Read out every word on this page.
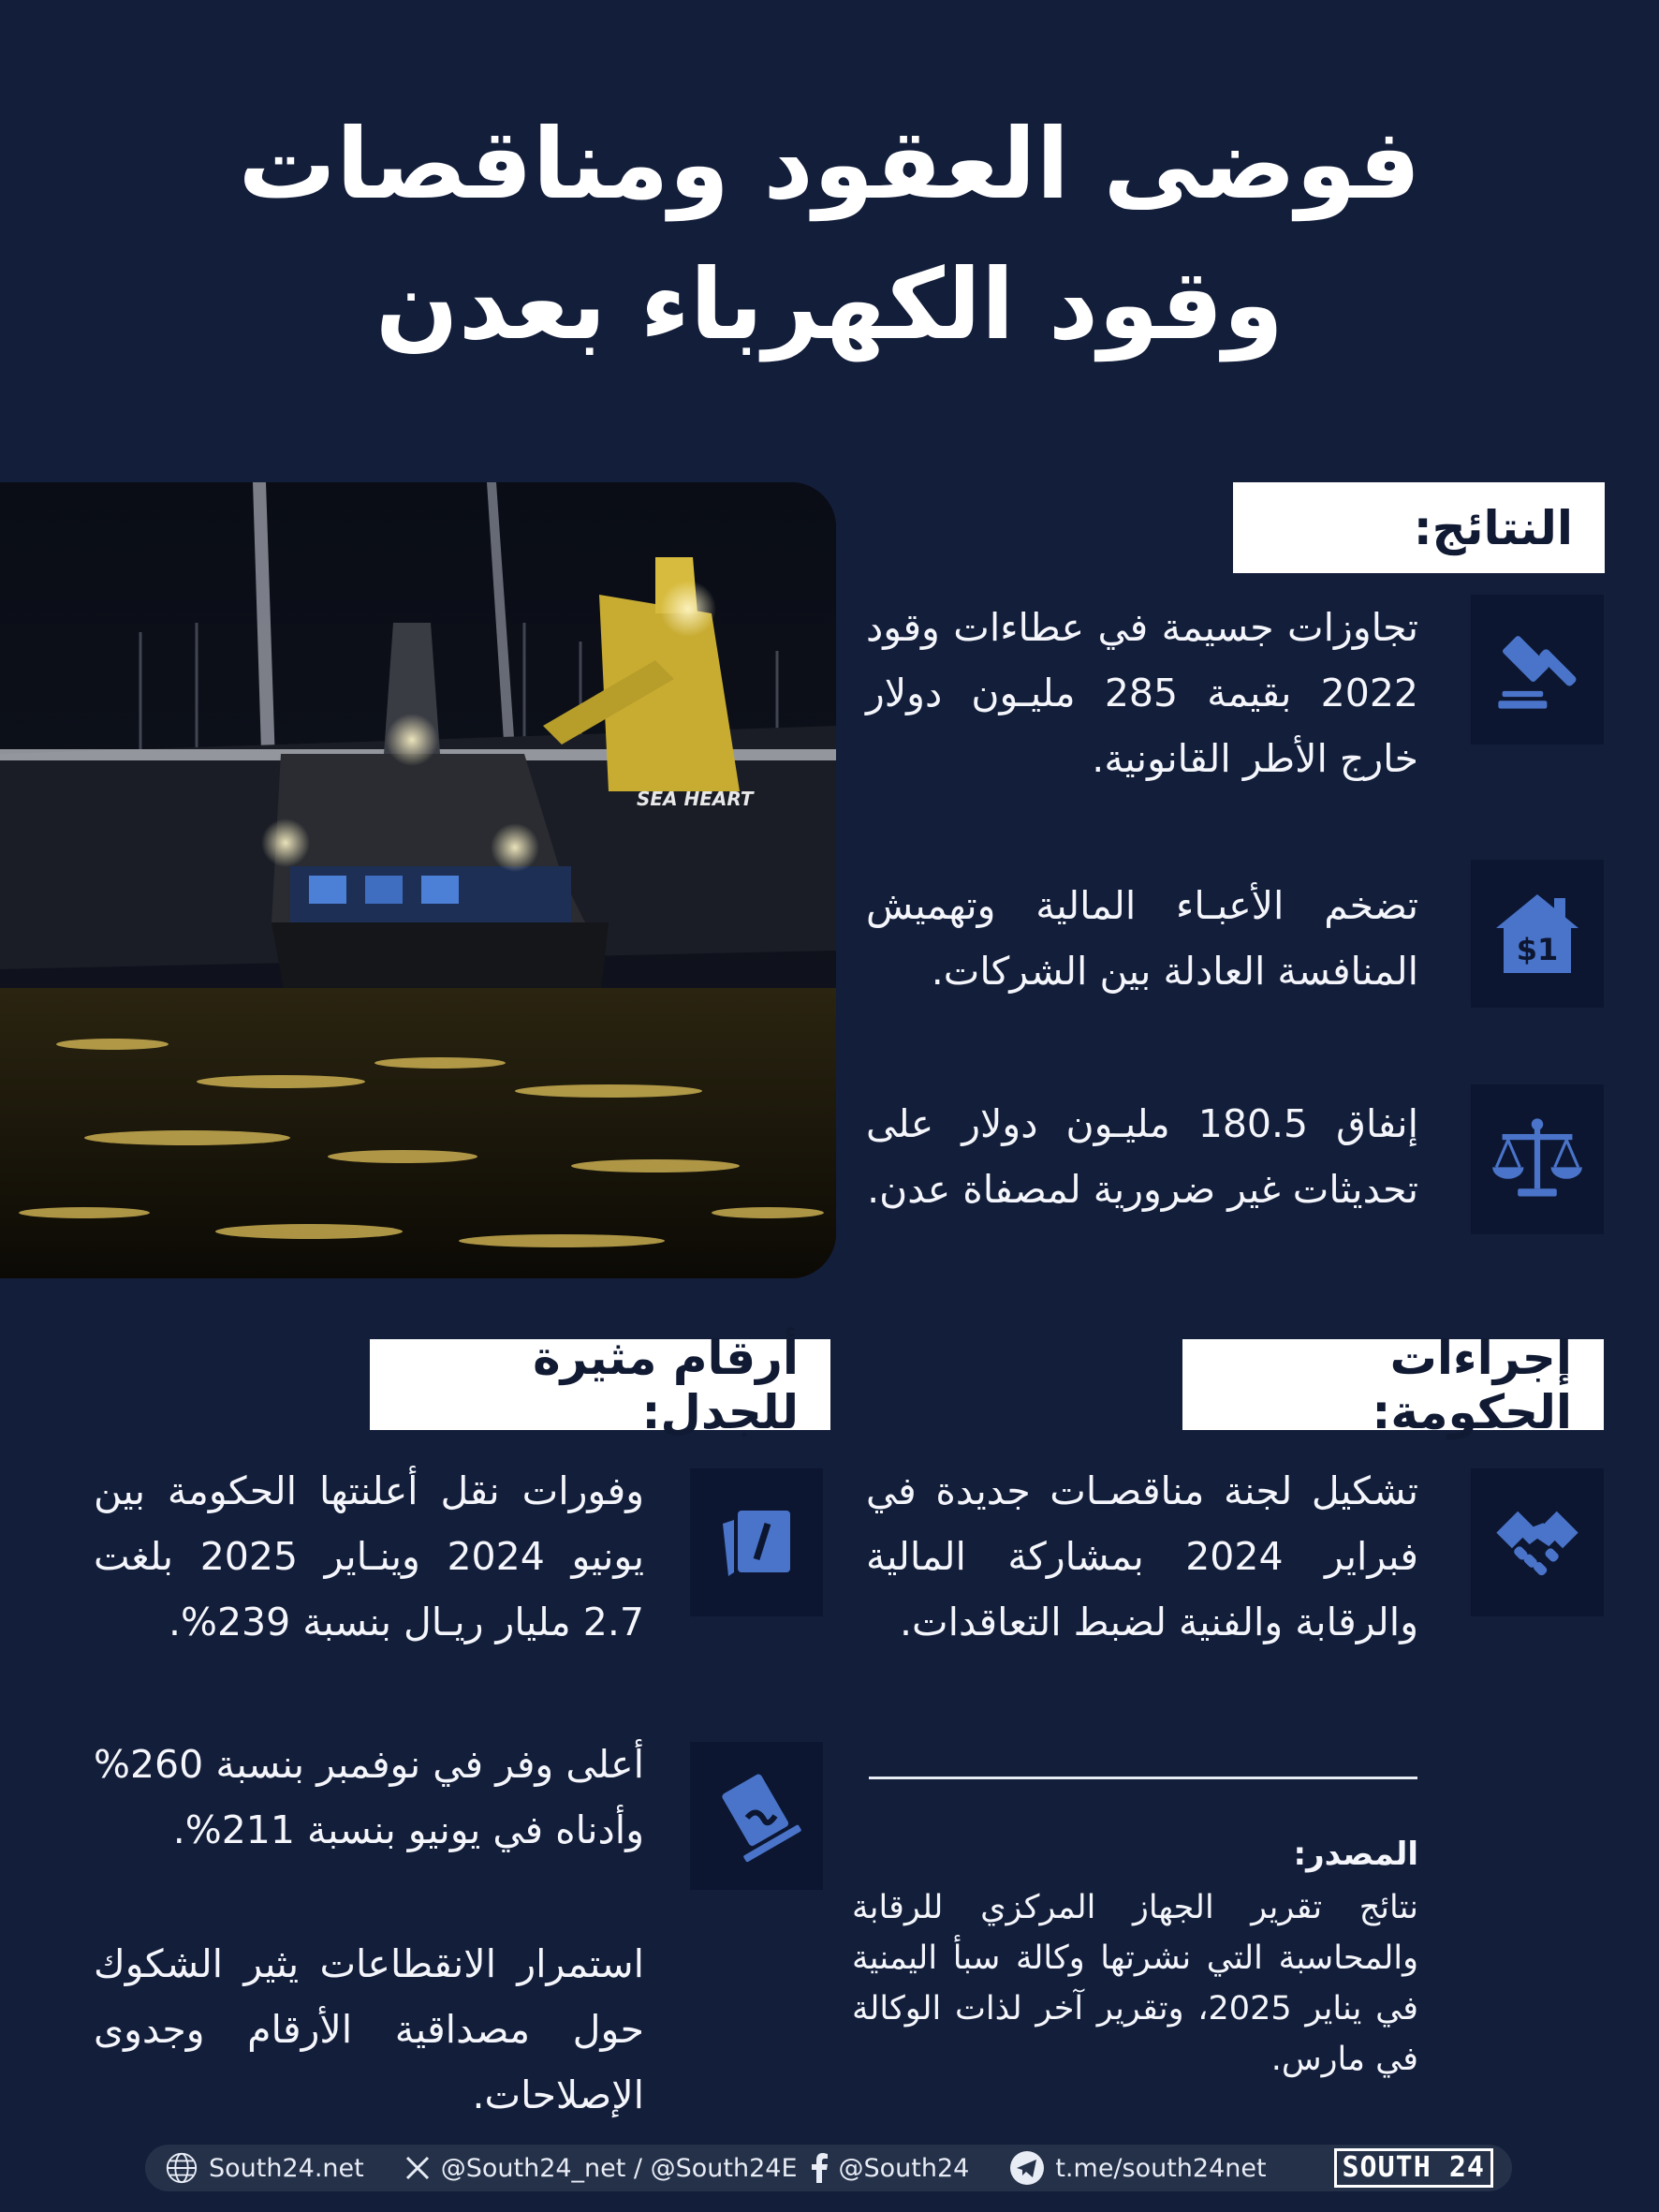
فوضى العقود ومناقصات
وقود الكهرباء بعدن
SEA HEART
النتائج:
تجاوزات جسيمة في عطاءات وقود 2022 بقيمة 285 مليـون دولار خارج الأطر القانونية.
$1
تضخم الأعبـاء المالية وتهميش المنافسة العادلة بين الشركات.
إنفاق 180.5 مليـون دولار على تحديثات غير ضرورية لمصفاة عدن.
إجراءات الحكومة:
أرقام مثيرة للجدل:
تشكيل لجنة مناقصـات جديدة في فبراير 2024 بمشاركة المالية والرقابة والفنية لضبط التعاقدات.
المصدر:
نتائج تقرير الجهاز المركزي للرقابة والمحاسبة التي نشرتها وكالة سبأ اليمنية في يناير 2025، وتقرير آخر لذات الوكالة في مارس.
وفورات نقل أعلنتها الحكومة بين يونيو 2024 وينـاير 2025 بلغت 2.7 مليار ريـال بنسبة 239%.
أعلى وفر في نوفمبر بنسبة 260% وأدناه في يونيو بنسبة 211%.
استمرار الانقطاعات يثير الشكوك حول مصداقية الأرقام وجدوى الإصلاحات.
South24.net	@South24_net / @South24E @South24	t.me/south24net	SOUTH 24
